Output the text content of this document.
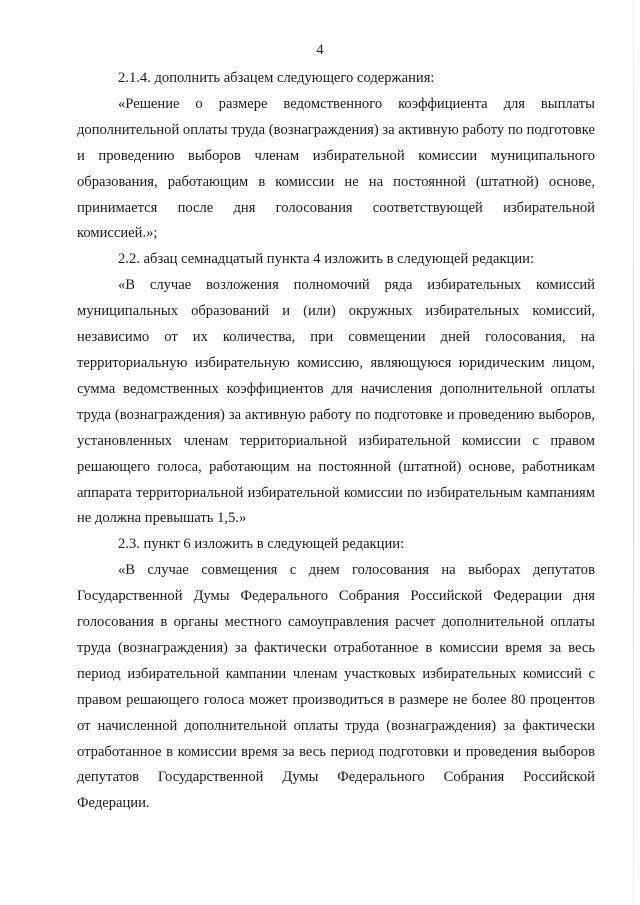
4

2.1.4. дополнить абзацем следующего содержания:

«Решение о размере ведомственного коэффициента для выплаты дополнительной оплаты труда (вознаграждения) за активную работу по подготовке и проведению выборов членам избирательной комиссии муниципального образования, работающим в комиссии не на постоянной (штатной) основе, принимается после дня голосования соответствующей избирательной комиссией.»;

2.2. абзац семнадцатый пункта 4 изложить в следующей редакции:

«В случае возложения полномочий ряда избирательных комиссий муниципальных образований и (или) окружных избирательных комиссий, независимо от их количества, при совмещении дней голосования, на территориальную избирательную комиссию, являющуюся юридическим лицом, сумма ведомственных коэффициентов для начисления дополнительной оплаты труда (вознаграждения) за активную работу по подготовке и проведению выборов, установленных членам территориальной избирательной комиссии с правом решающего голоса, работающим на постоянной (штатной) основе, работникам аппарата территориальной избирательной комиссии по избирательным кампаниям не должна превышать 1,5.»

2.3. пункт 6 изложить в следующей редакции:

«В случае совмещения с днем голосования на выборах депутатов Государственной Думы Федерального Собрания Российской Федерации дня голосования в органы местного самоуправления расчет дополнительной оплаты труда (вознаграждения) за фактически отработанное в комиссии время за весь период избирательной кампании членам участковых избирательных комиссий с правом решающего голоса может производиться в размере не более 80 процентов от начисленной дополнительной оплаты труда (вознаграждения) за фактически отработанное в комиссии время за весь период подготовки и проведения выборов депутатов Государственной Думы Федерального Собрания Российской Федерации.
